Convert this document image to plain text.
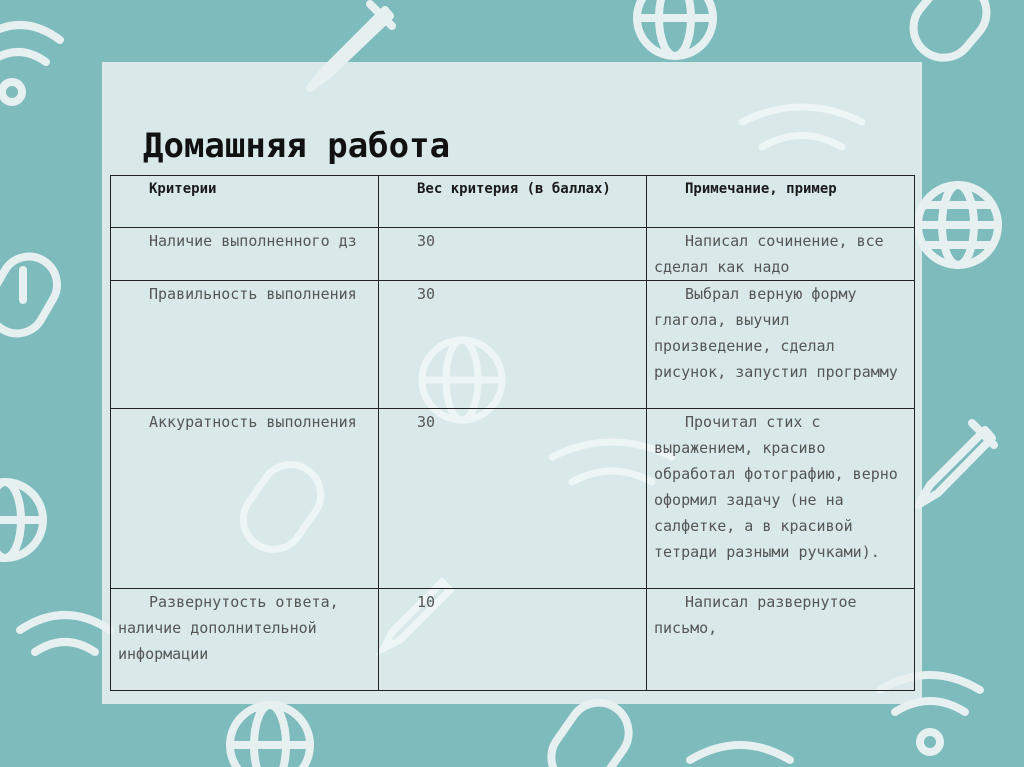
Домашняя работа
Критерии	Вес критерия (в баллах)	Примечание, пример
Наличие выполненного дз	30	Написал сочинение, все сделал как надо
Правильность выполнения	30	Выбрал верную форму глагола, выучил произведение, сделал рисунок, запустил программу
Аккуратность выполнения	30	Прочитал стих с выражением, красиво обработал фотографию, верно оформил задачу (не на салфетке, а в красивой тетради разными ручками).
Развернутость ответа, наличие дополнительной информации	10	Написал развернутое письмо,
